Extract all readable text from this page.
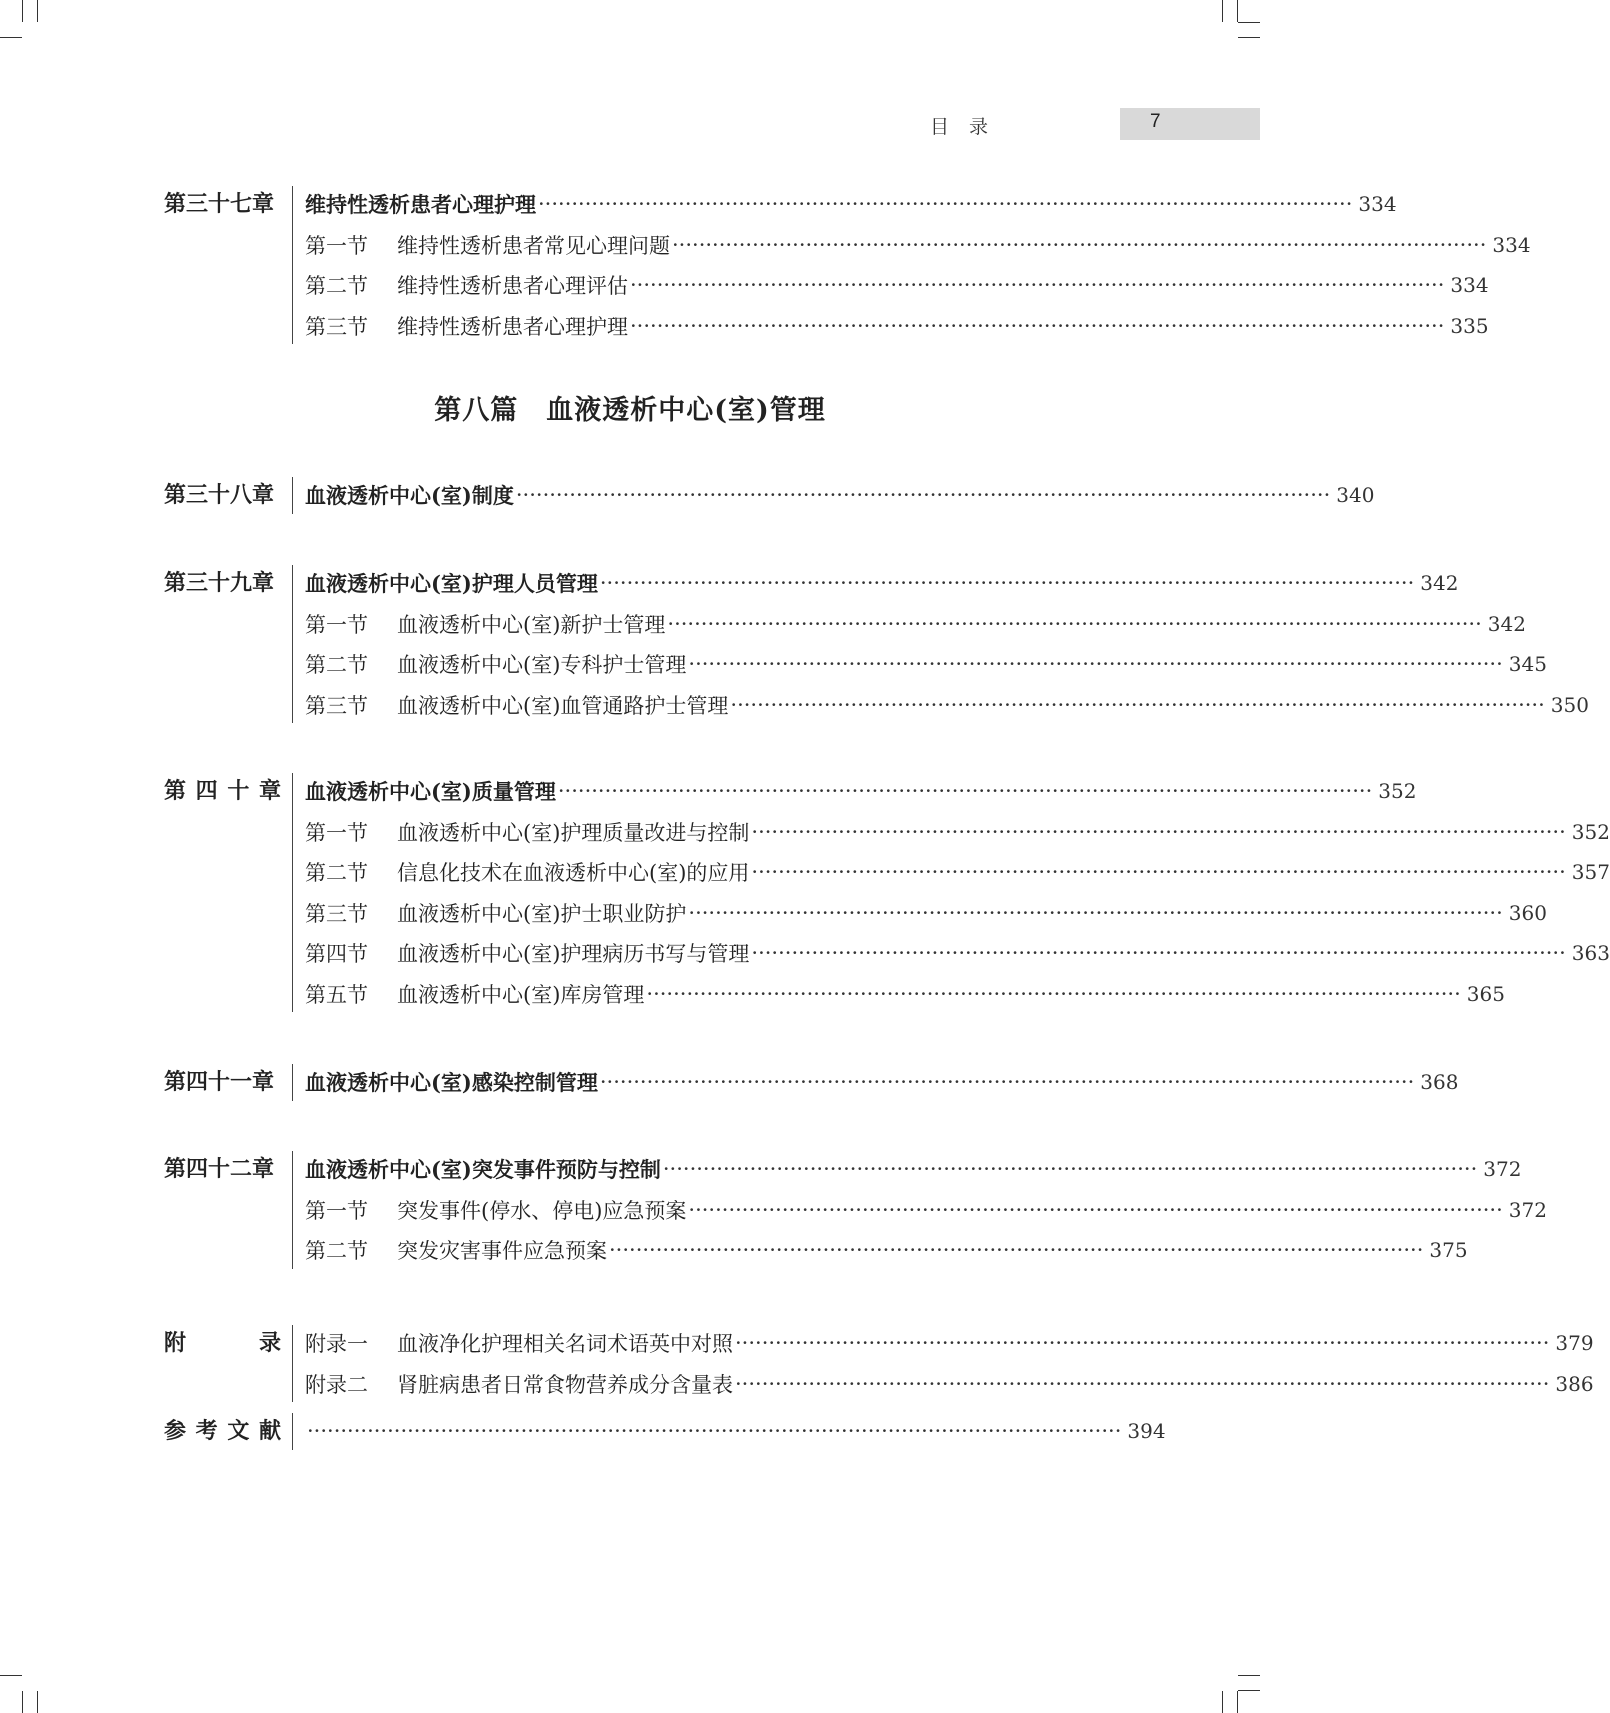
目录	7
第八篇　血液透析中心(室)管理
第三十七章	维持性透析患者心理护理 ·························································································································· 334
第一节	维持性透析患者常见心理问题 ·························································································································· 334
第二节	维持性透析患者心理评估 ·························································································································· 334
第三节	维持性透析患者心理护理 ·························································································································· 335
第三十八章	血液透析中心(室)制度 ·························································································································· 340
第三十九章	血液透析中心(室)护理人员管理 ·························································································································· 342
第一节	血液透析中心(室)新护士管理 ·························································································································· 342
第二节	血液透析中心(室)专科护士管理 ·························································································································· 345
第三节	血液透析中心(室)血管通路护士管理 ·························································································································· 350
第 四 十 章 血液透析中心(室)质量管理 ·························································································································· 352
第一节	血液透析中心(室)护理质量改进与控制 ·························································································································· 352
第二节	信息化技术在血液透析中心(室)的应用 ·························································································································· 357
第三节	血液透析中心(室)护士职业防护 ·························································································································· 360
第四节	血液透析中心(室)护理病历书写与管理 ·························································································································· 363
第五节	血液透析中心(室)库房管理 ·························································································································· 365
第四十一章	血液透析中心(室)感染控制管理 ·························································································································· 368
第四十二章	血液透析中心(室)突发事件预防与控制 ·························································································································· 372
第一节	突发事件(停水、停电)应急预案 ·························································································································· 372
第二节	突发灾害事件应急预案 ·························································································································· 375
附	录 附录一	血液净化护理相关名词术语英中对照 ·························································································································· 379
附录二	肾脏病患者日常食物营养成分含量表 ·························································································································· 386
参 考 文 献 ·························································································································· 394
